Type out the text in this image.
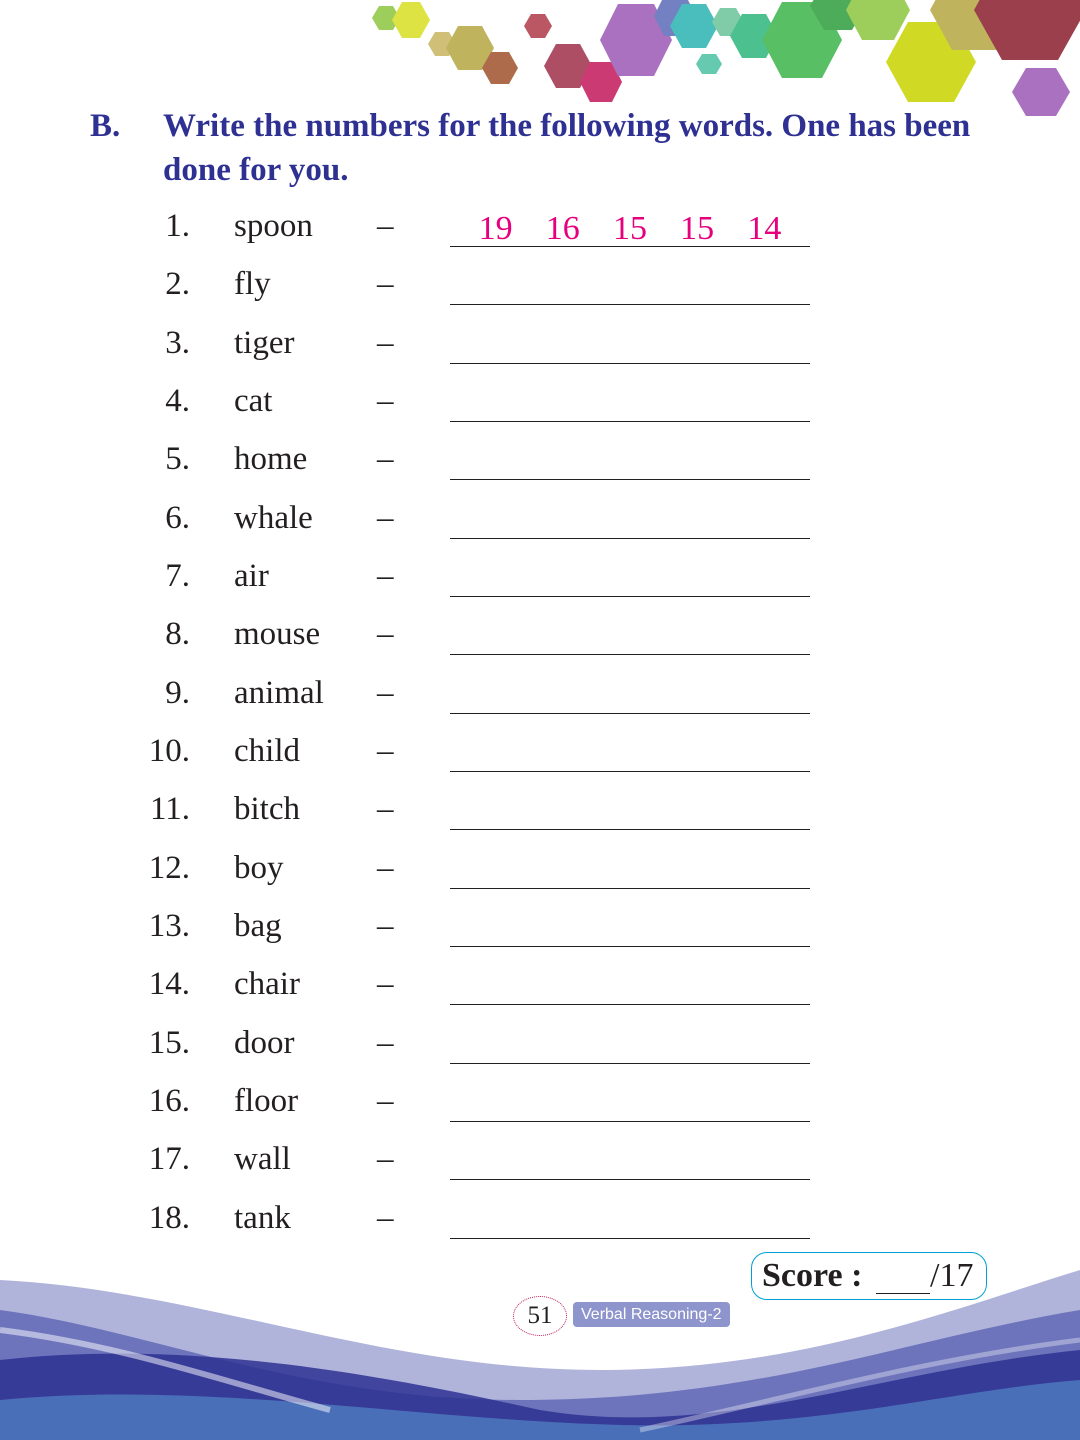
B. Write the numbers for the following words. One has been done for you.
1. spoon –	19 16 15 15 14
2. fly	–
3. tiger	–
4. cat	–
5. home –
6. whale –
7. air	–
8. mouse –
9. animal –
10. child –
11. bitch –
12. boy	–
13. bag	–
14. chair –
15. door	–
16. floor –
17. wall	–
18. tank	–
Score : /17
51	Verbal Reasoning-2
